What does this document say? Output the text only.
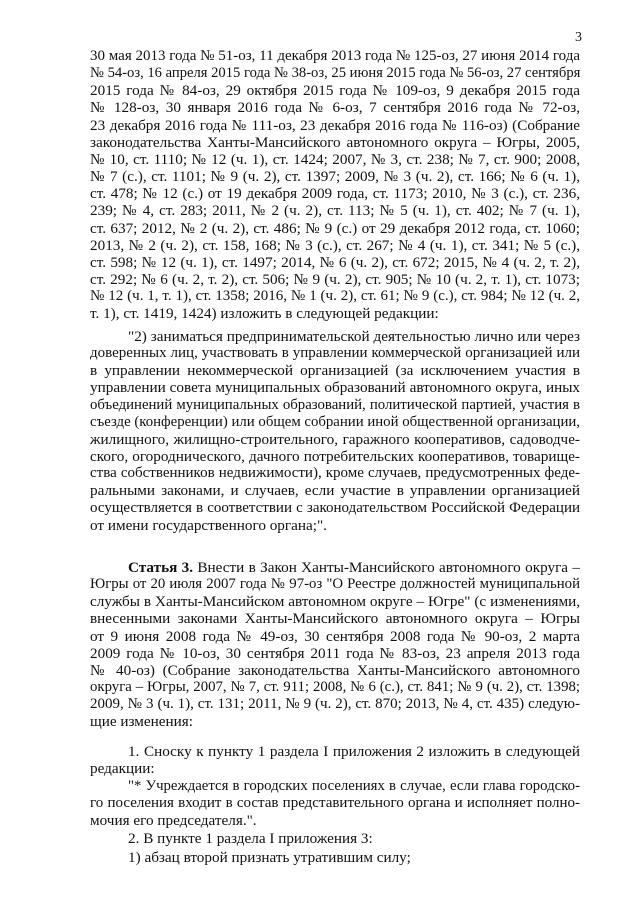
3
30 мая 2013 года № 51-оз, 11 декабря 2013 года № 125-оз, 27 июня 2014 года
№ 54-оз, 16 апреля 2015 года № 38-оз, 25 июня 2015 года № 56-оз, 27 сентября
2015 года № 84-оз, 29 октября 2015 года № 109-оз, 9 декабря 2015 года
№ 128-оз, 30 января 2016 года № 6-оз, 7 сентября 2016 года № 72-оз,
23 декабря 2016 года № 111-оз, 23 декабря 2016 года № 116-оз) (Собрание
законодательства Ханты-Мансийского автономного округа – Югры, 2005,
№ 10, ст. 1110; № 12 (ч. 1), ст. 1424; 2007, № 3, ст. 238; № 7, ст. 900; 2008,
№ 7 (с.), ст. 1101; № 9 (ч. 2), ст. 1397; 2009, № 3 (ч. 2), ст. 166; № 6 (ч. 1),
ст. 478; № 12 (с.) от 19 декабря 2009 года, ст. 1173; 2010, № 3 (с.), ст. 236,
239; № 4, ст. 283; 2011, № 2 (ч. 2), ст. 113; № 5 (ч. 1), ст. 402; № 7 (ч. 1),
ст. 637; 2012, № 2 (ч. 2), ст. 486; № 9 (с.) от 29 декабря 2012 года, ст. 1060;
2013, № 2 (ч. 2), ст. 158, 168; № 3 (с.), ст. 267; № 4 (ч. 1), ст. 341; № 5 (с.),
ст. 598; № 12 (ч. 1), ст. 1497; 2014, № 6 (ч. 2), ст. 672; 2015, № 4 (ч. 2, т. 2),
ст. 292; № 6 (ч. 2, т. 2), ст. 506; № 9 (ч. 2), ст. 905; № 10 (ч. 2, т. 1), ст. 1073;
№ 12 (ч. 1, т. 1), ст. 1358; 2016, № 1 (ч. 2), ст. 61; № 9 (с.), ст. 984; № 12 (ч. 2,
т. 1), ст. 1419, 1424) изложить в следующей редакции:
"2) заниматься предпринимательской деятельностью лично или через
доверенных лиц, участвовать в управлении коммерческой организацией или
в управлении некоммерческой организацией (за исключением участия в
управлении совета муниципальных образований автономного округа, иных
объединений муниципальных образований, политической партией, участия в
съезде (конференции) или общем собрании иной общественной организации,
жилищного, жилищно-строительного, гаражного кооперативов, садоводче-
ского, огороднического, дачного потребительских кооперативов, товарище-
ства собственников недвижимости), кроме случаев, предусмотренных феде-
ральными законами, и случаев, если участие в управлении организацией
осуществляется в соответствии с законодательством Российской Федерации
от имени государственного органа;".
Статья 3. Внести в Закон Ханты-Мансийского автономного округа –
Югры от 20 июля 2007 года № 97-оз "О Реестре должностей муниципальной
службы в Ханты-Мансийском автономном округе – Югре" (с изменениями,
внесенными законами Ханты-Мансийского автономного округа – Югры
от 9 июня 2008 года № 49-оз, 30 сентября 2008 года № 90-оз, 2 марта
2009 года № 10-оз, 30 сентября 2011 года № 83-оз, 23 апреля 2013 года
№ 40-оз) (Собрание законодательства Ханты-Мансийского автономного
округа – Югры, 2007, № 7, ст. 911; 2008, № 6 (с.), ст. 841; № 9 (ч. 2), ст. 1398;
2009, № 3 (ч. 1), ст. 131; 2011, № 9 (ч. 2), ст. 870; 2013, № 4, ст. 435) следую-
щие изменения:
1. Сноску к пункту 1 раздела I приложения 2 изложить в следующей
редакции:
"* Учреждается в городских поселениях в случае, если глава городско-
го поселения входит в состав представительного органа и исполняет полно-
мочия его председателя.".
2. В пункте 1 раздела I приложения 3:
1) абзац второй признать утратившим силу;
